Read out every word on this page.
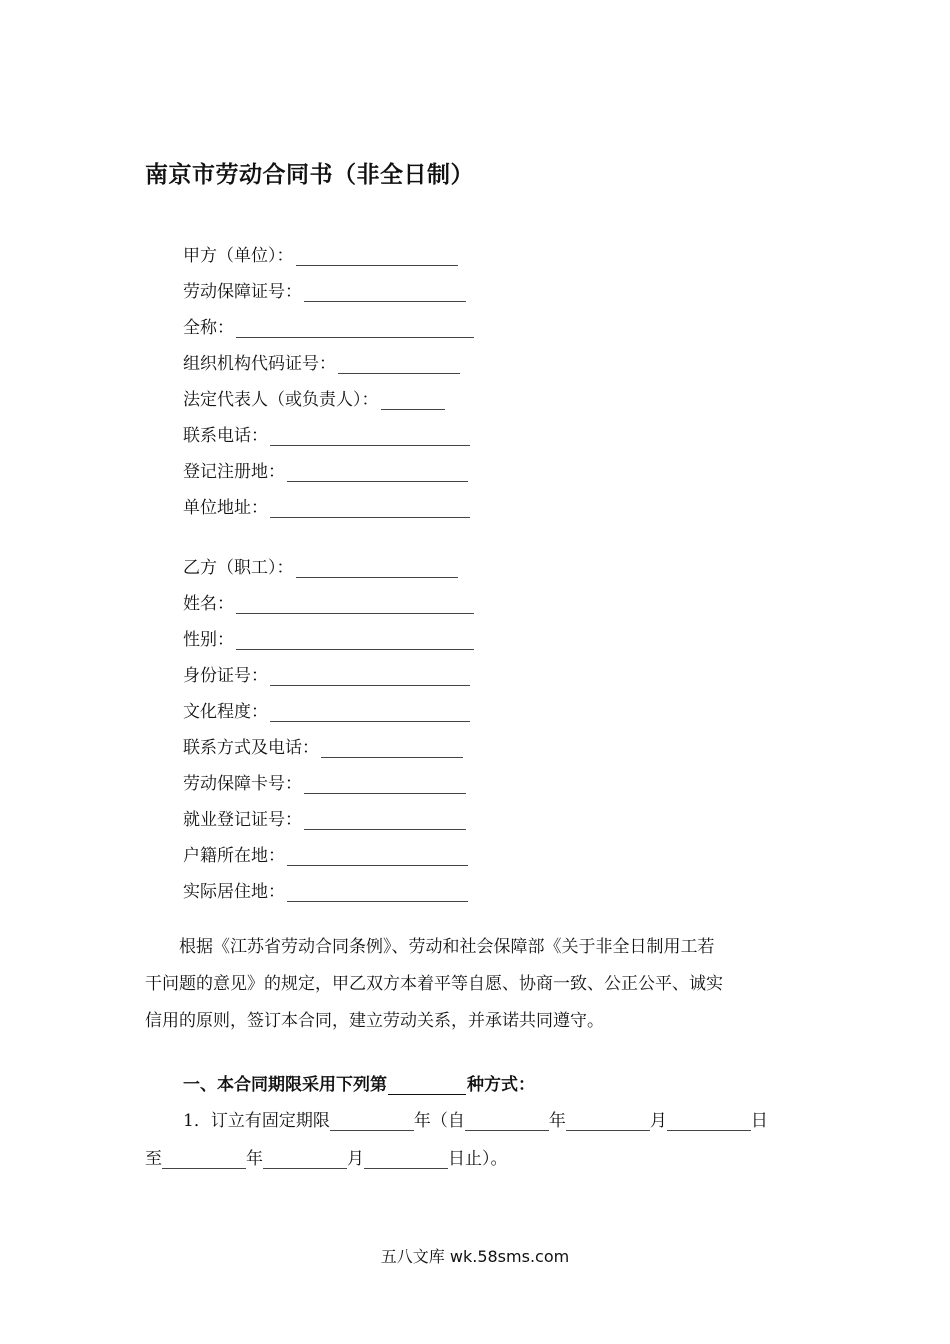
南京市劳动合同书（非全日制）
甲方（单位）：
劳动保障证号：
全称：
组织机构代码证号：
法定代表人（或负责人）：
联系电话：
登记注册地：
单位地址：
乙方（职工）：
姓名：
性别：
身份证号：
文化程度：
联系方式及电话：
劳动保障卡号：
就业登记证号：
户籍所在地：
实际居住地：
　　根据《江苏省劳动合同条例》、劳动和社会保障部《关于非全日制用工若
干问题的意见》的规定，甲乙双方本着平等自愿、协商一致、公正公平、诚实
信用的原则，签订本合同，建立劳动关系，并承诺共同遵守。
一、本合同期限采用下列第	种方式：
1．订立有固定期限	年（自	年	月	日
至	年	月	日止）。
五八文库 wk.58sms.com
